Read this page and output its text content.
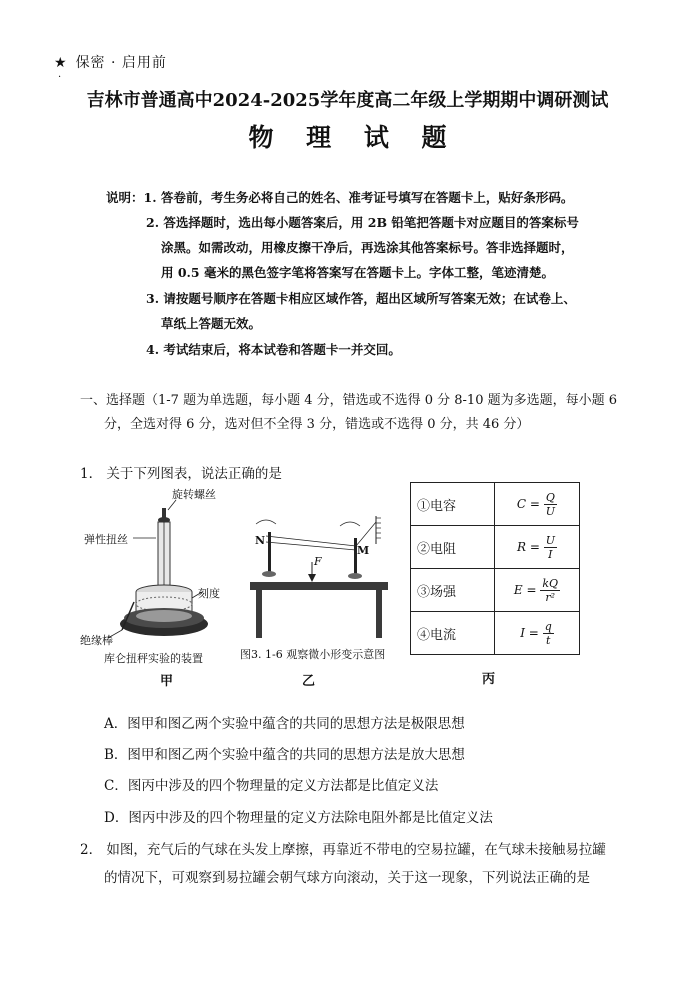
★ 保密 · 启用前
·
吉林市普通高中2024-2025学年度高二年级上学期期中调研测试
物 理 试 题
说明：1. 答卷前，考生务必将自己的姓名、准考证号填写在答题卡上，贴好条形码。
2. 答选择题时，选出每小题答案后，用 2B 铅笔把答题卡对应题目的答案标号
涂黑。如需改动，用橡皮擦干净后，再选涂其他答案标号。答非选择题时，
用 0.5 毫米的黑色签字笔将答案写在答题卡上。字体工整，笔迹清楚。
3. 请按题号顺序在答题卡相应区域作答，超出区域所写答案无效；在试卷上、
草纸上答题无效。
4. 考试结束后，将本试卷和答题卡一并交回。
一、选择题（1-7 题为单选题，每小题 4 分，错选或不选得 0 分 8-10 题为多选题，每小题 6
分，全选对得 6 分，选对但不全得 3 分，错选或不选得 0 分，共 46 分）
1． 关于下列图表，说法正确的是
旋转螺丝
弹性扭丝
刻度
绝缘棒
库仑扭秤实验的装置
甲
N
M
F
图3. 1-6 观察微小形变示意图
乙
①电容	$C = \frac{Q}{U}$

②电阻	$R = \frac{U}{I}$

③场强	$E = \frac{kQ}{\text{r²}}$

④电流	$I = \frac{q}{t}$
丙
A．图甲和图乙两个实验中蕴含的共同的思想方法是极限思想
B．图甲和图乙两个实验中蕴含的共同的思想方法是放大思想
C．图丙中涉及的四个物理量的定义方法都是比值定义法
D．图丙中涉及的四个物理量的定义方法除电阻外都是比值定义法
2． 如图，充气后的气球在头发上摩擦，再靠近不带电的空易拉罐，在气球未接触易拉罐
的情况下，可观察到易拉罐会朝气球方向滚动，关于这一现象，下列说法正确的是
